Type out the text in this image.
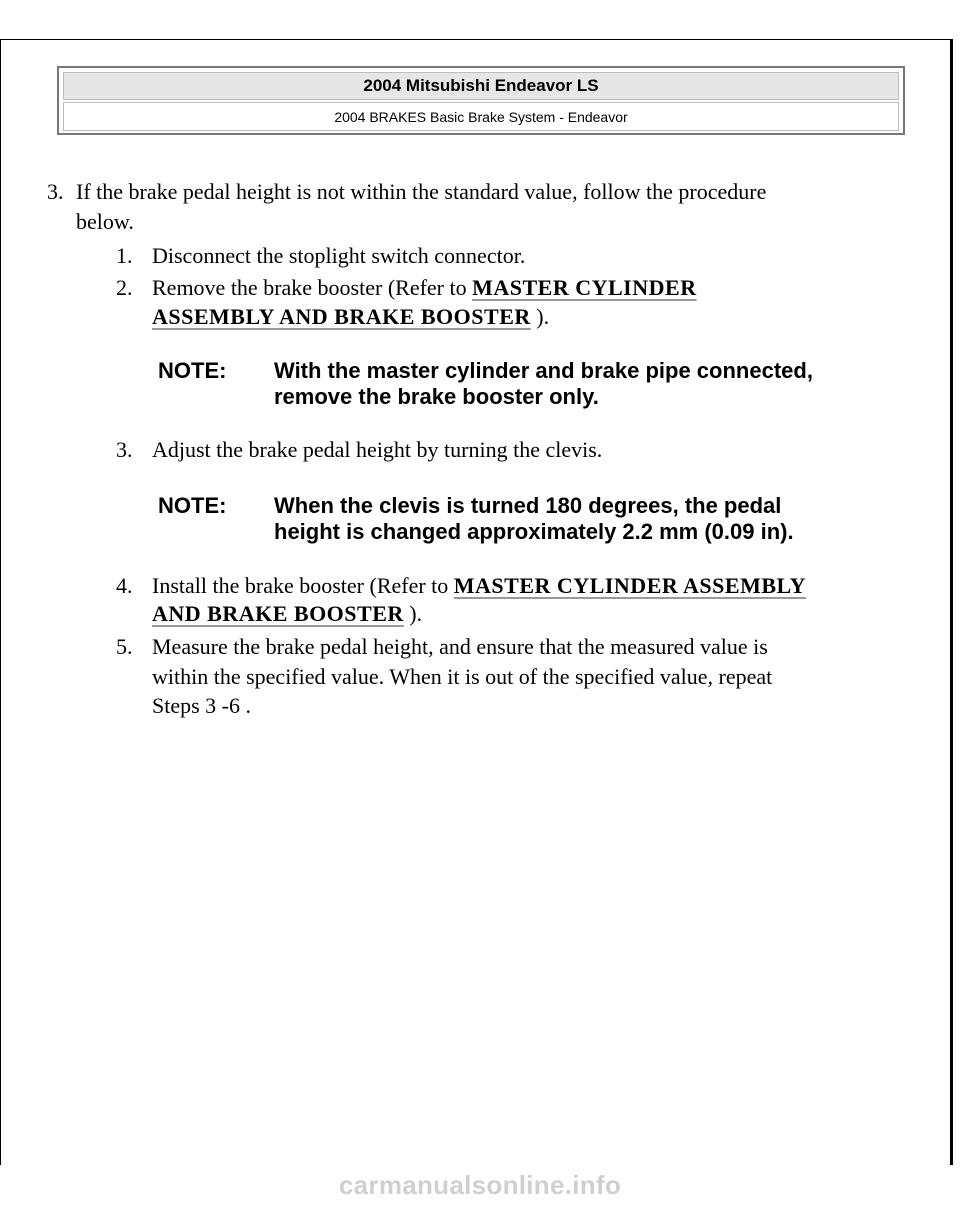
2004 Mitsubishi Endeavor LS
2004 BRAKES Basic Brake System - Endeavor
3. If the brake pedal height is not within the standard value, follow the procedure
below.
1. Disconnect the stoplight switch connector.
2. Remove the brake booster (Refer to MASTER CYLINDER
ASSEMBLY AND BRAKE BOOSTER ).
NOTE: With the master cylinder and brake pipe connected,
remove the brake booster only.
3. Adjust the brake pedal height by turning the clevis.
NOTE: When the clevis is turned 180 degrees, the pedal
height is changed approximately 2.2 mm (0.09 in).
4. Install the brake booster (Refer to MASTER CYLINDER ASSEMBLY
AND BRAKE BOOSTER ).
5. Measure the brake pedal height, and ensure that the measured value is
within the specified value. When it is out of the specified value, repeat
Steps 3 -6 .
carmanualsonline.info
